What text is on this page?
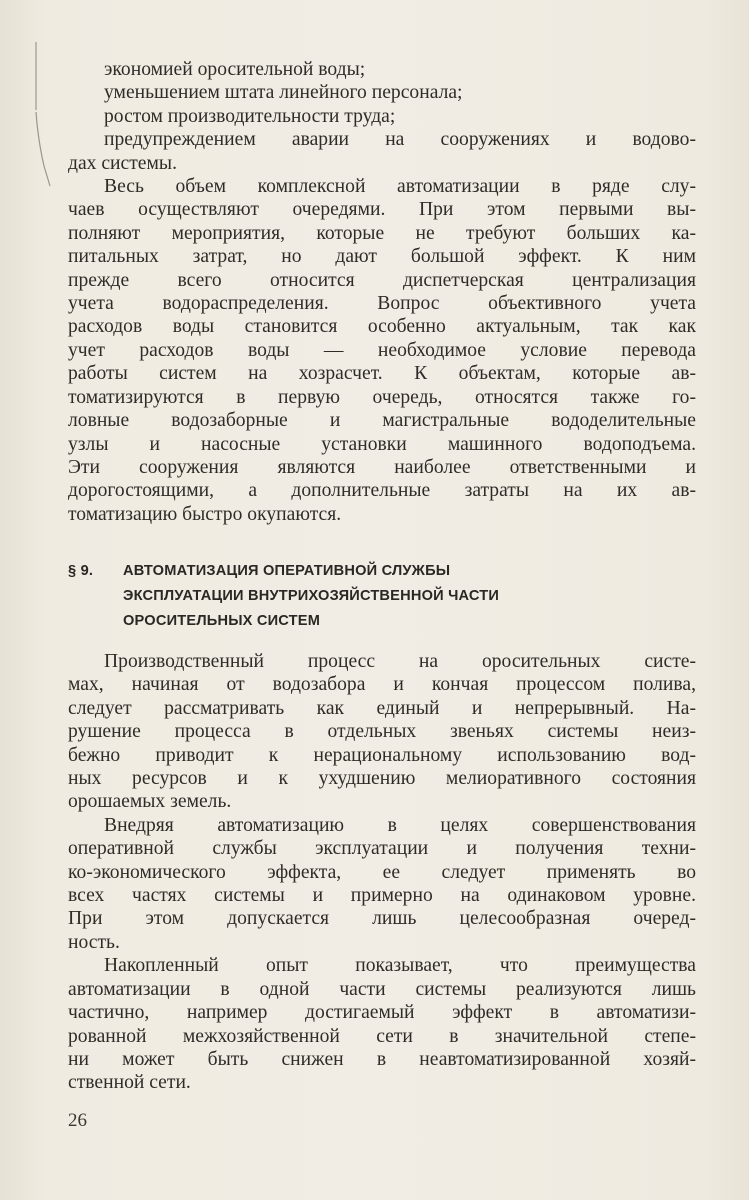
экономией оросительной воды;
уменьшением штата линейного персонала;
ростом производительности труда;
предупреждением аварии на сооружениях и водово-
дах системы.
Весь объем комплексной автоматизации в ряде слу-
чаев осуществляют очередями. При этом первыми вы-
полняют мероприятия, которые не требуют больших ка-
питальных затрат, но дают большой эффект. К ним
прежде всего относится диспетчерская централизация
учета водораспределения. Вопрос объективного учета
расходов воды становится особенно актуальным, так как
учет расходов воды — необходимое условие перевода
работы систем на хозрасчет. К объектам, которые ав-
томатизируются в первую очередь, относятся также го-
ловные водозаборные и магистральные вододелительные
узлы и насосные установки машинного водоподъема.
Эти сооружения являются наиболее ответственными и
дорогостоящими, а дополнительные затраты на их ав-
томатизацию быстро окупаются.
§ 9. АВТОМАТИЗАЦИЯ ОПЕРАТИВНОЙ СЛУЖБЫ
ЭКСПЛУАТАЦИИ ВНУТРИХОЗЯЙСТВЕННОЙ ЧАСТИ
ОРОСИТЕЛЬНЫХ СИСТЕМ
Производственный процесс на оросительных систе-
мах, начиная от водозабора и кончая процессом полива,
следует рассматривать как единый и непрерывный. На-
рушение процесса в отдельных звеньях системы неиз-
бежно приводит к нерациональному использованию вод-
ных ресурсов и к ухудшению мелиоративного состояния
орошаемых земель.
Внедряя автоматизацию в целях совершенствования
оперативной службы эксплуатации и получения техни-
ко-экономического эффекта, ее следует применять во
всех частях системы и примерно на одинаковом уровне.
При этом допускается лишь целесообразная очеред-
ность.
Накопленный опыт показывает, что преимущества
автоматизации в одной части системы реализуются лишь
частично, например достигаемый эффект в автоматизи-
рованной межхозяйственной сети в значительной степе-
ни может быть снижен в неавтоматизированной хозяй-
ственной сети.
26
